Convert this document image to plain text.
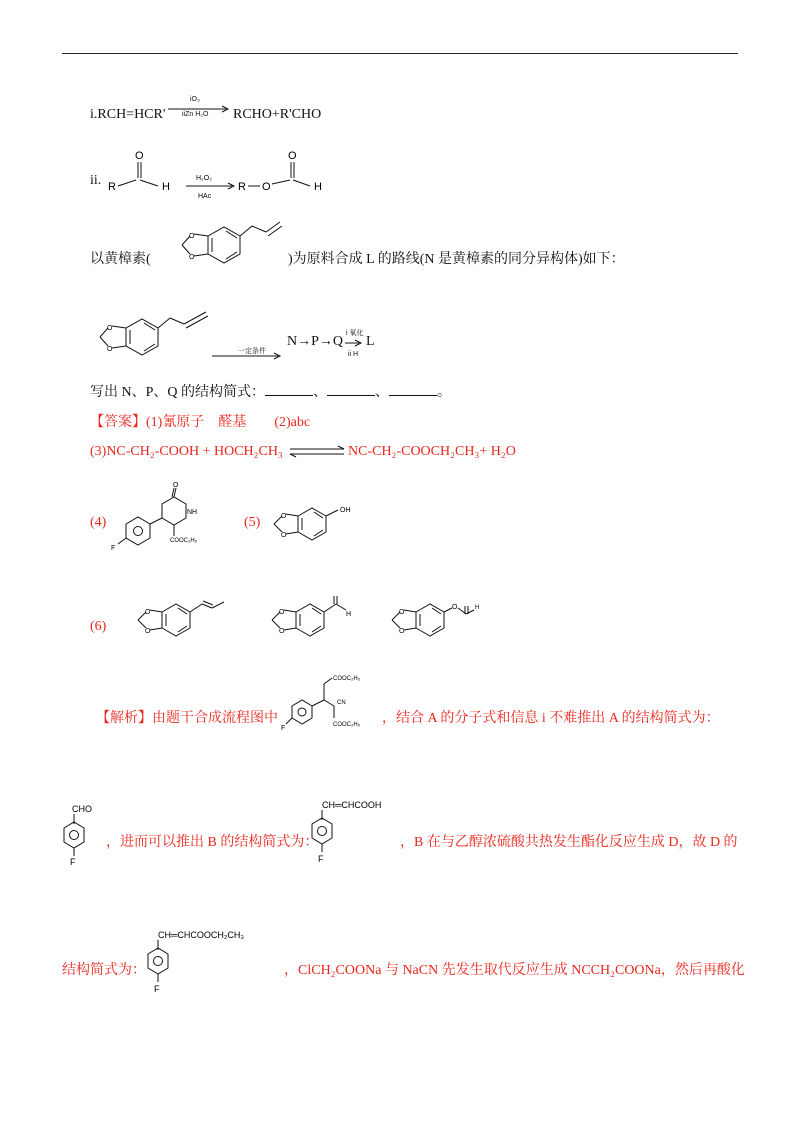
i.RCH=HCR'
iO₃
iiZn H₂O RCHO+R'CHO
ii. R
O
H
H₂O₂
HAc
R O
O
H
以黄樟素(
O
O	)为原料合成 L 的路线(N 是黄樟素的同分异构体)如下：
O
O	一定条件
N→P→Q
i 氧化
ii H
L
写出 N、P、Q 的结构简式：	、	、	。
【答案】(1)氰原子　醛基　　(2)abc
(3)NC-CH₂-COOH + HOCH₂CH₃ ⇌ NC-CH₂-COOCH₂CH₃+ H₂O
(4)
F
O
NH
COOC₂H₅
(5)	O
O
OH
(6)
O
O
O
O
H	O
O
O	H
【解析】由题干合成流程图中
F
COOC₂H₅
CN
COOC₂H₅ ，结合 A 的分子式和信息 i 不难推出 A 的结构简式为：
CHO
F
，进而可以推出 B 的结构简式为：
CH═CHCOOH
F
，B 在与乙醇浓硫酸共热发生酯化反应生成 D，故 D 的
结构简式为：
CH═CHCOOCH₂CH₃
F
，ClCH₂COONa 与 NaCN 先发生取代反应生成 NCCH₂COONa，然后再酸化
